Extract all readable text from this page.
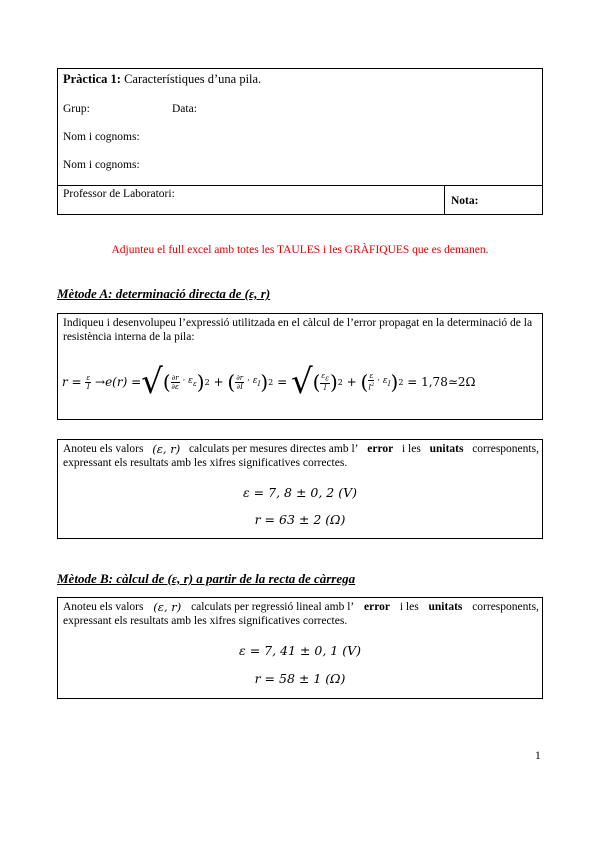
Pràctica 1: Característiques d’una pila.
Grup:	Data:
Nom i cognoms:
Nom i cognoms:
Professor de Laboratori:
Nota:
Adjunteu el full excel amb totes les TAULES i les GRÀFIQUES que es demanen.
Mètode A: determinació directa de (ε, r)
Indiqueu i desenvolupeu l’expressió utilitzada en el càlcul de l’error propagat en la determinació de la resistència interna de la pila:
$r = \frac{\varepsilon}{I} \to e(r)$ = √ ( $\frac{\partial r}{\partial\varepsilon} \cdot \varepsilon_\varepsilon$ ) 2 + ( $\frac{\partial r}{\partial I} \cdot \varepsilon_I$ ) 2 = √ ( $\frac{\varepsilon\varepsilon}{I}$ ) 2 + ( $\frac{\varepsilon}{I^2} \cdot \varepsilon_I$ ) 2
= 1,78≃2Ω
Anoteu els valors (ε, r) calculats per mesures directes amb l’ error i les unitats corresponents,
expressant els resultats amb les xifres significatives correctes.
ε = 7, 8 ± 0, 2 (V)
r = 63 ± 2 (Ω)
Mètode B: càlcul de (ε, r) a partir de la recta de càrrega
Anoteu els valors (ε, r) calculats per regressió lineal amb l’ error i les unitats corresponents,
expressant els resultats amb les xifres significatives correctes.
ε = 7, 41 ± 0, 1 (V)
r = 58 ± 1 (Ω)
1
